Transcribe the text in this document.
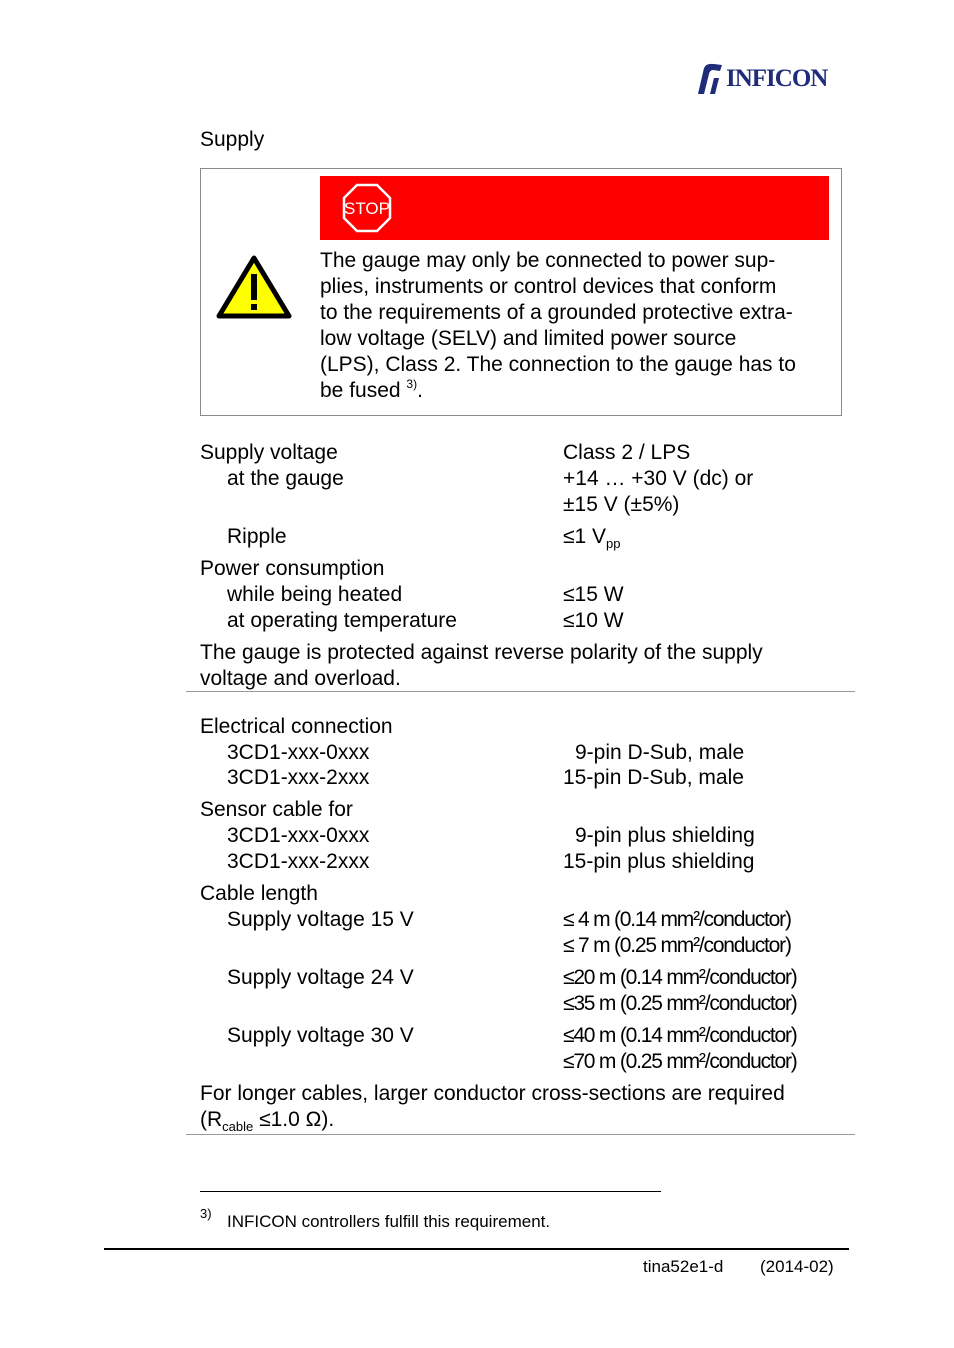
INFICON
Supply
STOP

The gauge may only be connected to power sup-

plies, instruments or control devices that conform

to the requirements of a grounded protective extra-

low voltage (SELV) and limited power source

(LPS), Class 2. The connection to the gauge has to

be fused $^{3)}$.

Supply voltage	Class 2 / LPS
at the gauge	+14 … +30 V (dc) or
±15 V (±5%)
Ripple	≤1 $V_{pp}$
Power consumption
while being heated	≤15 W
at operating temperature	≤10 W
The gauge is protected against reverse polarity of the supply
voltage and overload.
Electrical connection
3CD1-xxx-0xxx	9-pin D-Sub, male
3CD1-xxx-2xxx	15-pin D-Sub, male
Sensor cable for
3CD1-xxx-0xxx	9-pin plus shielding
3CD1-xxx-2xxx	15-pin plus shielding
Cable length
Supply voltage 15 V	≤ 4 m (0.14 mm²/conductor)
≤ 7 m (0.25 mm²/conductor)
Supply voltage 24 V	≤20 m (0.14 mm²/conductor)
≤35 m (0.25 mm²/conductor)
Supply voltage 30 V	≤40 m (0.14 mm²/conductor)
≤70 m (0.25 mm²/conductor)
For longer cables, larger conductor cross-sections are required
($R_{cable} \le 1.0$ Ω).
3) INFICON controllers fulfill this requirement.
tina52e1-d (2014-02)
